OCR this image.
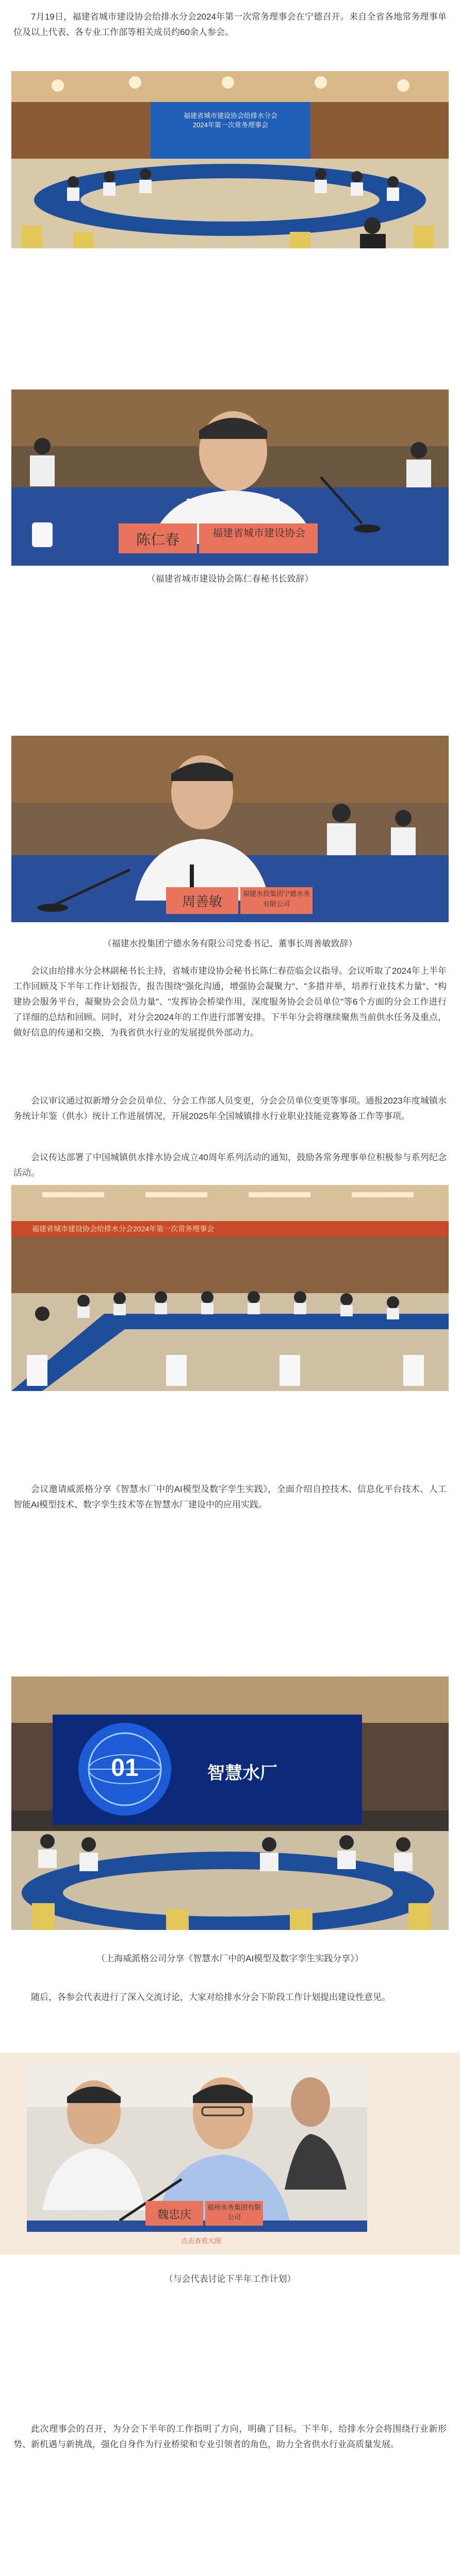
7月19日，福建省城市建设协会给排水分会2024年第一次常务理事会在宁德召开。来自全省各地常务理事单位及以上代表、各专业工作部等相关成员约60余人参会。

福建省城市建设协会给排水分会
2024年第一次常务理事会
陈仁春	福建省城市建设协会
（福建省城市建设协会陈仁春秘书长致辞）
周善敏
福建水投集团宁德水务有限公司
（福建水投集团宁德水务有限公司党委书记、董事长周善敏致辞）

会议由给排水分会林副秘书长主持，省城市建设协会秘书长陈仁春莅临会议指导。会议听取了2024年上半年工作回顾及下半年工作计划报告，报告围绕"强化沟通，增强协会凝聚力"、"多措并举，培养行业技术力量"、"构建协会服务平台，凝聚协会会员力量"、"发挥协会桥梁作用，深度服务协会会员单位"等6个方面的分会工作进行了详细的总结和回顾。同时，对分会2024年的工作进行部署安排。下半年分会将继续聚焦当前供水任务及重点，做好信息的传递和交换，为我省供水行业的发展提供外部动力。

会议审议通过拟新增分会会员单位、分会工作部人员变更，分会会员单位变更等事项。通报2023年度城镇水务统计年鉴（供水）统计工作进展情况，开展2025年全国城镇排水行业职业技能竞赛筹备工作等事项。

会议传达部署了中国城镇供水排水协会成立40周年系列活动的通知，鼓励各常务理事单位积极参与系列纪念活动。

福建省城市建设协会给排水分会2024年第一次常务理事会

会议邀请威派格分享《智慧水厂中的AI模型及数字孪生实践》，全面介绍自控技术、信息化平台技术、人工智能AI模型技术、数字孪生技术等在智慧水厂建设中的应用实践。

01	智慧水厂
（上海威派格公司分享《智慧水厂中的AI模型及数字孪生实践分享》）

随后，各参会代表进行了深入交流讨论，大家对给排水分会下阶段工作计划提出建设性意见。

魏忠庆
福州水务集团有限公司
点击查看大图
（与会代表讨论下半年工作计划）

此次理事会的召开，为分会下半年的工作指明了方向，明确了目标。下半年，给排水分会将围绕行业新形势、新机遇与新挑战，强化自身作为行业桥梁和专业引领者的角色，助力全省供水行业高质量发展。
